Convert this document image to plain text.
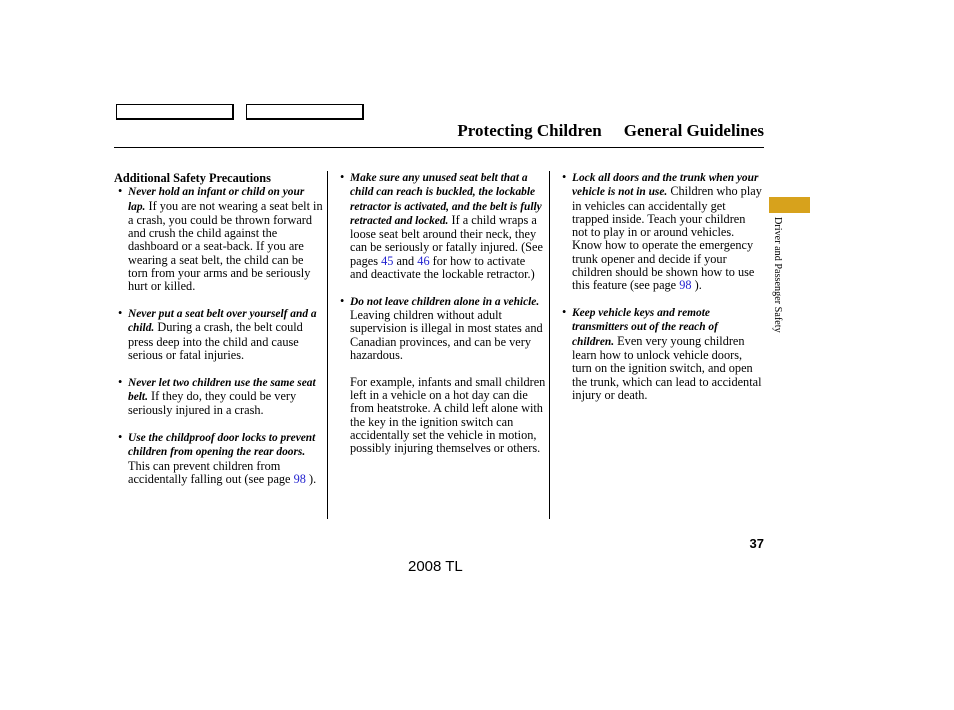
Protecting Children General Guidelines
Additional Safety Precautions
• Never hold an infant or child on your lap. If you are not wearing a seat belt in a crash, you could be thrown forward and crush the child against the dashboard or a seat-back. If you are wearing a seat belt, the child can be torn from your arms and be seriously hurt or killed.
• Never put a seat belt over yourself and a child. During a crash, the belt could press deep into the child and cause serious or fatal injuries.
• Never let two children use the same seat belt. If they do, they could be very seriously injured in a crash.
• Use the childproof door locks to prevent children from opening the rear doors. This can prevent children from accidentally falling out (see page 98 ).
• Make sure any unused seat belt that a child can reach is buckled, the lockable retractor is activated, and the belt is fully retracted and locked. If a child wraps a loose seat belt around their neck, they can be seriously or fatally injured. (See pages 45 and 46 for how to activate and deactivate the lockable retractor.)
• Do not leave children alone in a vehicle. Leaving children without adult supervision is illegal in most states and Canadian provinces, and can be very hazardous.
For example, infants and small children left in a vehicle on a hot day can die from heatstroke. A child left alone with the key in the ignition switch can accidentally set the vehicle in motion, possibly injuring themselves or others.
• Lock all doors and the trunk when your vehicle is not in use. Children who play in vehicles can accidentally get trapped inside. Teach your children not to play in or around vehicles. Know how to operate the emergency trunk opener and decide if your children should be shown how to use this feature (see page 98 ).
• Keep vehicle keys and remote transmitters out of the reach of children. Even very young children learn how to unlock vehicle doors, turn on the ignition switch, and open the trunk, which can lead to accidental injury or death.
Driver and Passenger Safety
37
2008 TL
